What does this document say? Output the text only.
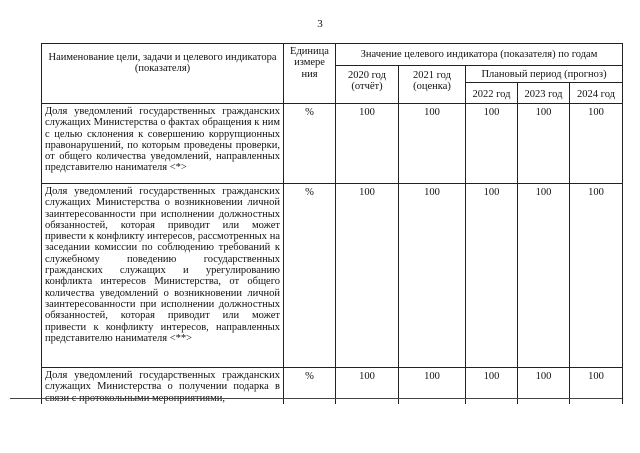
3
Наименование цели, задачи и целевого индикатора (показателя)	Единица измере ния	Значение целевого индикатора (показателя) по годам				
		2020 год (отчёт)	2021 год (оценка)	Плановый период (прогноз)		
				2022 год	2023 год	2024 год
Доля уведомлений государственных гражданских служащих Министерства о фактах обращения к ним с целью склонения к совершению коррупционных правонарушений, по которым проведены проверки, от общего количества уведомлений, направленных представителю нанимателя <*>	%	100	100	100	100	100
Доля уведомлений государственных гражданских служащих Министерства о возникновении личной заинтересованности при исполнении должностных обязанностей, которая приводит или может привести к конфликту интересов, рассмотренных на заседании комиссии по соблюдению требований к служебному поведению государственных гражданских служащих и урегулированию конфликта интересов Министерства, от общего количества уведомлений о возникновении личной заинтересованности при исполнении должностных обязанностей, которая приводит или может привести к конфликту интересов, направленных представителю нанимателя <**>	%	100	100	100	100	100
Доля уведомлений государственных гражданских служащих Министерства о получении подарка в связи с протокольными мероприятиями,	%	100	100	100	100	100
